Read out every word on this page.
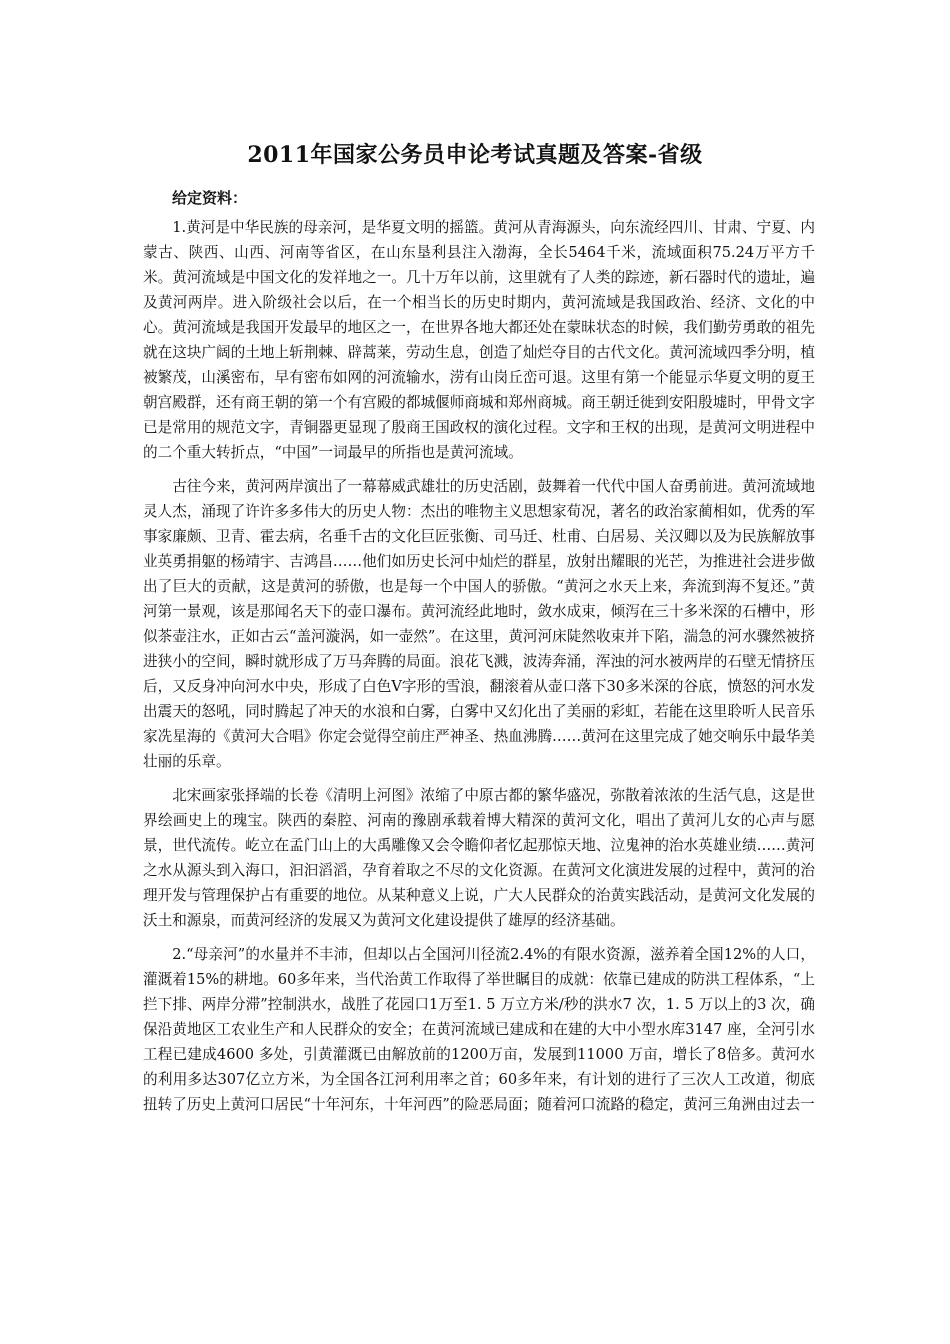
2011年国家公务员申论考试真题及答案-省级
给定资料：

1.黄河是中华民族的母亲河，是华夏文明的摇篮。黄河从青海源头，向东流经四川、甘肃、宁夏、内蒙古、陕西、山西、河南等省区，在山东垦利县注入渤海，全长5464千米，流域面积75.24万平方千米。黄河流域是中国文化的发祥地之一。几十万年以前，这里就有了人类的踪迹，新石器时代的遗址，遍及黄河两岸。进入阶级社会以后，在一个相当长的历史时期内，黄河流域是我国政治、经济、文化的中心。黄河流域是我国开发最早的地区之一，在世界各地大都还处在蒙昧状态的时候，我们勤劳勇敢的祖先就在这块广阔的土地上斩荆棘、辟蒿莱，劳动生息，创造了灿烂夺目的古代文化。黄河流域四季分明，植被繁茂，山溪密布，早有密布如网的河流输水，涝有山岗丘峦可退。这里有第一个能显示华夏文明的夏王朝宫殿群，还有商王朝的第一个有宫殿的都城偃师商城和郑州商城。商王朝迁徙到安阳殷墟时，甲骨文字已是常用的规范文字，青铜器更显现了殷商王国政权的演化过程。文字和王权的出现，是黄河文明进程中的二个重大转折点，“中国”一词最早的所指也是黄河流域。

古往今来，黄河两岸演出了一幕幕威武雄壮的历史活剧，鼓舞着一代代中国人奋勇前进。黄河流域地灵人杰，涌现了许许多多伟大的历史人物：杰出的唯物主义思想家荀况，著名的政治家蔺相如，优秀的军事家廉颇、卫青、霍去病，名垂千古的文化巨匠张衡、司马迁、杜甫、白居易、关汉卿以及为民族解放事业英勇捐躯的杨靖宇、吉鸿昌……他们如历史长河中灿烂的群星，放射出耀眼的光芒，为推进社会进步做出了巨大的贡献，这是黄河的骄傲，也是每一个中国人的骄傲。“黄河之水天上来，奔流到海不复还。”黄河第一景观，该是那闻名天下的壶口瀑布。黄河流经此地时，敛水成束，倾泻在三十多米深的石槽中，形似茶壶注水，正如古云“盖河漩涡，如一壶然”。在这里，黄河河床陡然收束并下陷，湍急的河水骤然被挤进狭小的空间，瞬时就形成了万马奔腾的局面。浪花飞溅，波涛奔涌，浑浊的河水被两岸的石壁无情挤压后，又反身冲向河水中央，形成了白色Ⅴ字形的雪浪，翻滚着从壶口落下30多米深的谷底，愤怒的河水发出震天的怒吼，同时腾起了冲天的水浪和白雾，白雾中又幻化出了美丽的彩虹，若能在这里聆听人民音乐家冼星海的《黄河大合唱》你定会觉得空前庄严神圣、热血沸腾……黄河在这里完成了她交响乐中最华美壮丽的乐章。

北宋画家张择端的长卷《清明上河图》浓缩了中原古都的繁华盛况，弥散着浓浓的生活气息，这是世界绘画史上的瑰宝。陕西的秦腔、河南的豫剧承载着博大精深的黄河文化，唱出了黄河儿女的心声与愿景，世代流传。屹立在孟门山上的大禹雕像又会令瞻仰者忆起那惊天地、泣鬼神的治水英雄业绩……黄河之水从源头到入海口，汩汩滔滔，孕育着取之不尽的文化资源。在黄河文化演进发展的过程中，黄河的治理开发与管理保护占有重要的地位。从某种意义上说，广大人民群众的治黄实践活动，是黄河文化发展的沃土和源泉，而黄河经济的发展又为黄河文化建设提供了雄厚的经济基础。

2.“母亲河”的水量并不丰沛，但却以占全国河川径流2.4%的有限水资源，滋养着全国12%的人口，灌溉着15%的耕地。60多年来，当代治黄工作取得了举世瞩目的成就：依靠已建成的防洪工程体系，“上拦下排、两岸分滞”控制洪水，战胜了花园口1万至1. 5 万立方米/秒的洪水7 次，1. 5 万以上的3 次，确保沿黄地区工农业生产和人民群众的安全；在黄河流域已建成和在建的大中小型水库3147 座，全河引水工程已建成4600 多处，引黄灌溉已由解放前的1200万亩，发展到11000 万亩，增长了8倍多。黄河水的利用多达307亿立方米，为全国各江河利用率之首；60多年来，有计划的进行了三次人工改道，彻底扭转了历史上黄河口居民“十年河东，十年河西”的险恶局面；随着河口流路的稳定，黄河三角洲由过去一
